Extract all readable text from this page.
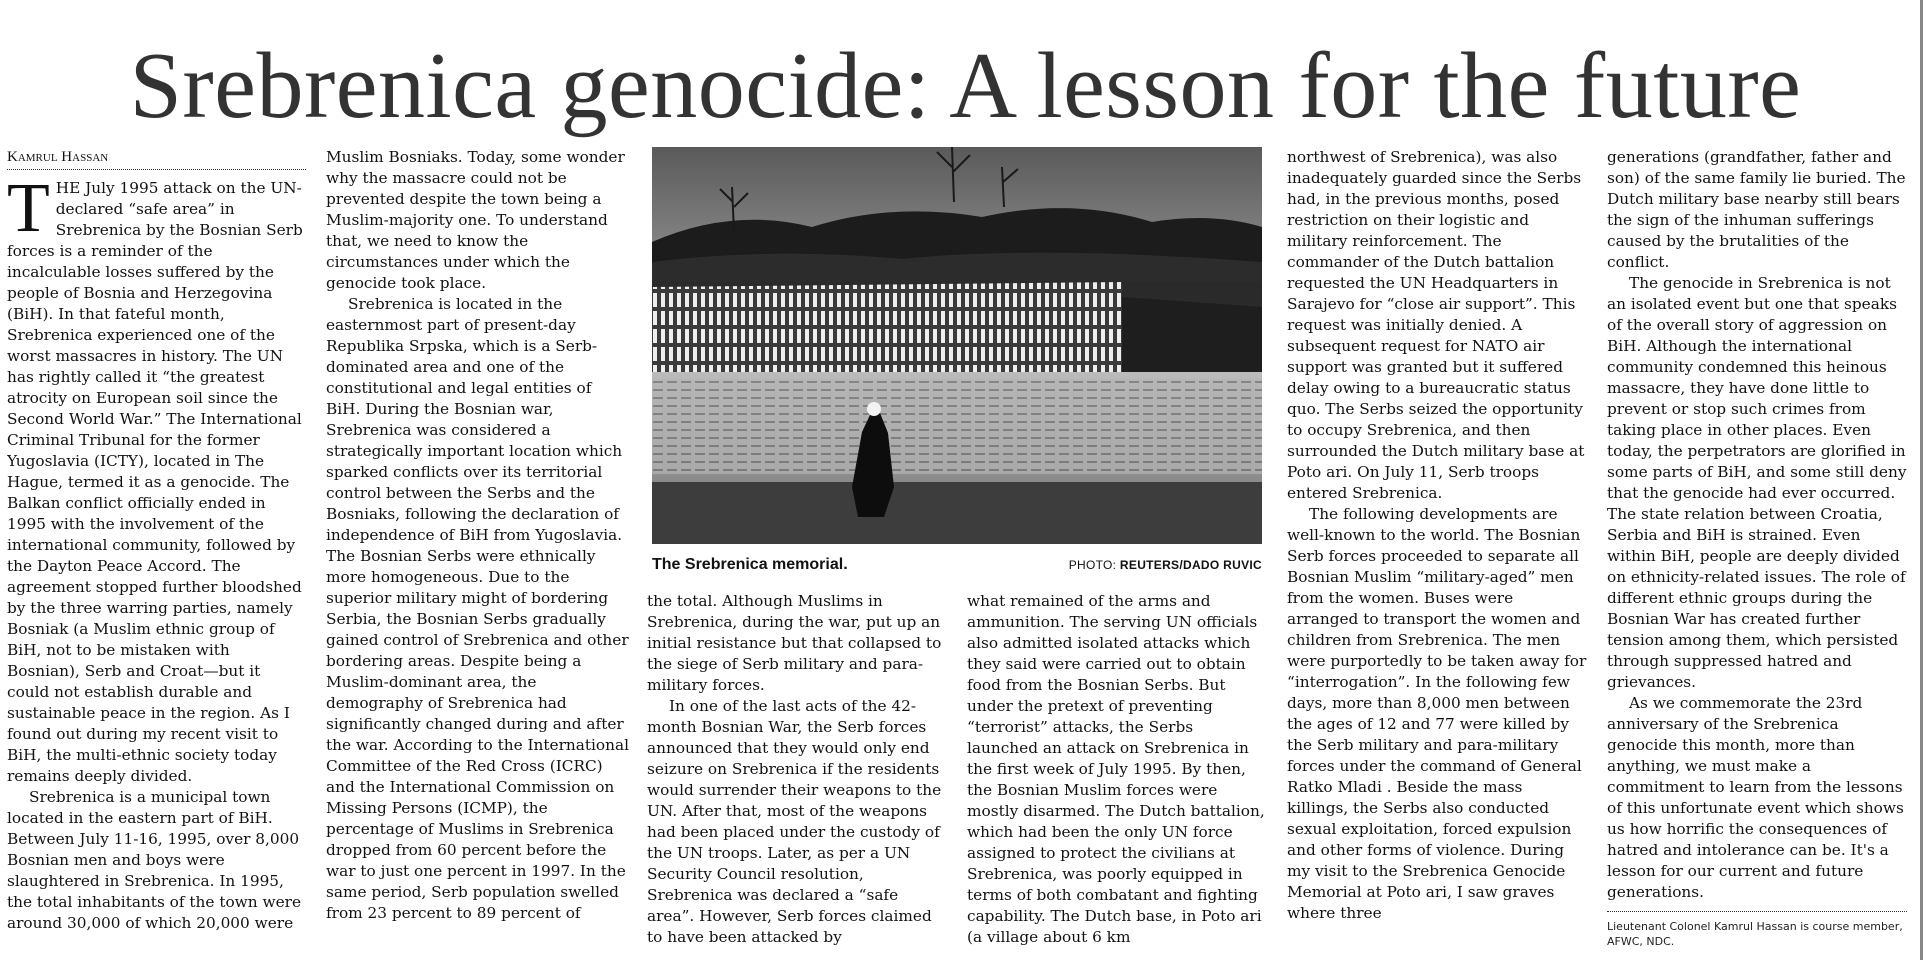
Srebrenica genocide: A lesson for the future
Kamrul Hassan

THE July 1995 attack on the UN-declared “safe area” in Srebrenica by the Bosnian Serb forces is a reminder of the incalculable losses suffered by the people of Bosnia and Herzegovina (BiH). In that fateful month, Srebrenica experienced one of the worst massacres in history. The UN has rightly called it “the greatest atrocity on European soil since the Second World War.” The International Criminal Tribunal for the former Yugoslavia (ICTY), located in The Hague, termed it as a genocide. The Balkan conflict officially ended in 1995 with the involvement of the international community, followed by the Dayton Peace Accord. The agreement stopped further bloodshed by the three warring parties, namely Bosniak (a Muslim ethnic group of BiH, not to be mistaken with Bosnian), Serb and Croat—but it could not establish durable and sustainable peace in the region. As I found out during my recent visit to BiH, the multi-ethnic society today remains deeply divided.

Srebrenica is a municipal town located in the eastern part of BiH. Between July 11-16, 1995, over 8,000 Bosnian men and boys were slaughtered in Srebrenica. In 1995, the total inhabitants of the town were around 30,000 of which 20,000 were

Muslim Bosniaks. Today, some wonder why the massacre could not be prevented despite the town being a Muslim-majority one. To understand that, we need to know the circumstances under which the genocide took place.

Srebrenica is located in the easternmost part of present-day Republika Srpska, which is a Serb-dominated area and one of the constitutional and legal entities of BiH. During the Bosnian war, Srebrenica was considered a strategically important location which sparked conflicts over its territorial control between the Serbs and the Bosniaks, following the declaration of independence of BiH from Yugoslavia. The Bosnian Serbs were ethnically more homogeneous. Due to the superior military might of bordering Serbia, the Bosnian Serbs gradually gained control of Srebrenica and other bordering areas. Despite being a Muslim-dominant area, the demography of Srebrenica had significantly changed during and after the war. According to the International Committee of the Red Cross (ICRC) and the International Commission on Missing Persons (ICMP), the percentage of Muslims in Srebrenica dropped from 60 percent before the war to just one percent in 1997. In the same period, Serb population swelled from 23 percent to 89 percent of

The Srebrenica memorial.	PHOTO: REUTERS/DADO RUVIC

the total. Although Muslims in Srebrenica, during the war, put up an initial resistance but that collapsed to the siege of Serb military and para-military forces.

In one of the last acts of the 42-month Bosnian War, the Serb forces announced that they would only end seizure on Srebrenica if the residents would surrender their weapons to the UN. After that, most of the weapons had been placed under the custody of the UN troops. Later, as per a UN Security Council resolution, Srebrenica was declared a “safe area”. However, Serb forces claimed to have been attacked by

what remained of the arms and ammunition. The serving UN officials also admitted isolated attacks which they said were carried out to obtain food from the Bosnian Serbs. But under the pretext of preventing “terrorist” attacks, the Serbs launched an attack on Srebrenica in the first week of July 1995. By then, the Bosnian Muslim forces were mostly disarmed. The Dutch battalion, which had been the only UN force assigned to protect the civilians at Srebrenica, was poorly equipped in terms of both combatant and fighting capability. The Dutch base, in Poto ari (a village about 6 km

northwest of Srebrenica), was also inadequately guarded since the Serbs had, in the previous months, posed restriction on their logistic and military reinforcement. The commander of the Dutch battalion requested the UN Headquarters in Sarajevo for “close air support”. This request was initially denied. A subsequent request for NATO air support was granted but it suffered delay owing to a bureaucratic status quo. The Serbs seized the opportunity to occupy Srebrenica, and then surrounded the Dutch military base at Poto ari. On July 11, Serb troops entered Srebrenica.

The following developments are well-known to the world. The Bosnian Serb forces proceeded to separate all Bosnian Muslim “military-aged” men from the women. Buses were arranged to transport the women and children from Srebrenica. The men were purportedly to be taken away for “interrogation”. In the following few days, more than 8,000 men between the ages of 12 and 77 were killed by the Serb military and para-military forces under the command of General Ratko Mladi . Beside the mass killings, the Serbs also conducted sexual exploitation, forced expulsion and other forms of violence. During my visit to the Srebrenica Genocide Memorial at Poto ari, I saw graves where three

generations (grandfather, father and son) of the same family lie buried. The Dutch military base nearby still bears the sign of the inhuman sufferings caused by the brutalities of the conflict.

The genocide in Srebrenica is not an isolated event but one that speaks of the overall story of aggression on BiH. Although the international community condemned this heinous massacre, they have done little to prevent or stop such crimes from taking place in other places. Even today, the perpetrators are glorified in some parts of BiH, and some still deny that the genocide had ever occurred. The state relation between Croatia, Serbia and BiH is strained. Even within BiH, people are deeply divided on ethnicity-related issues. The role of different ethnic groups during the Bosnian War has created further tension among them, which persisted through suppressed hatred and grievances.

As we commemorate the 23rd anniversary of the Srebrenica genocide this month, more than anything, we must make a commitment to learn from the lessons of this unfortunate event which shows us how horrific the consequences of hatred and intolerance can be. It's a lesson for our current and future generations.

Lieutenant Colonel Kamrul Hassan is course member, AFWC, NDC.
